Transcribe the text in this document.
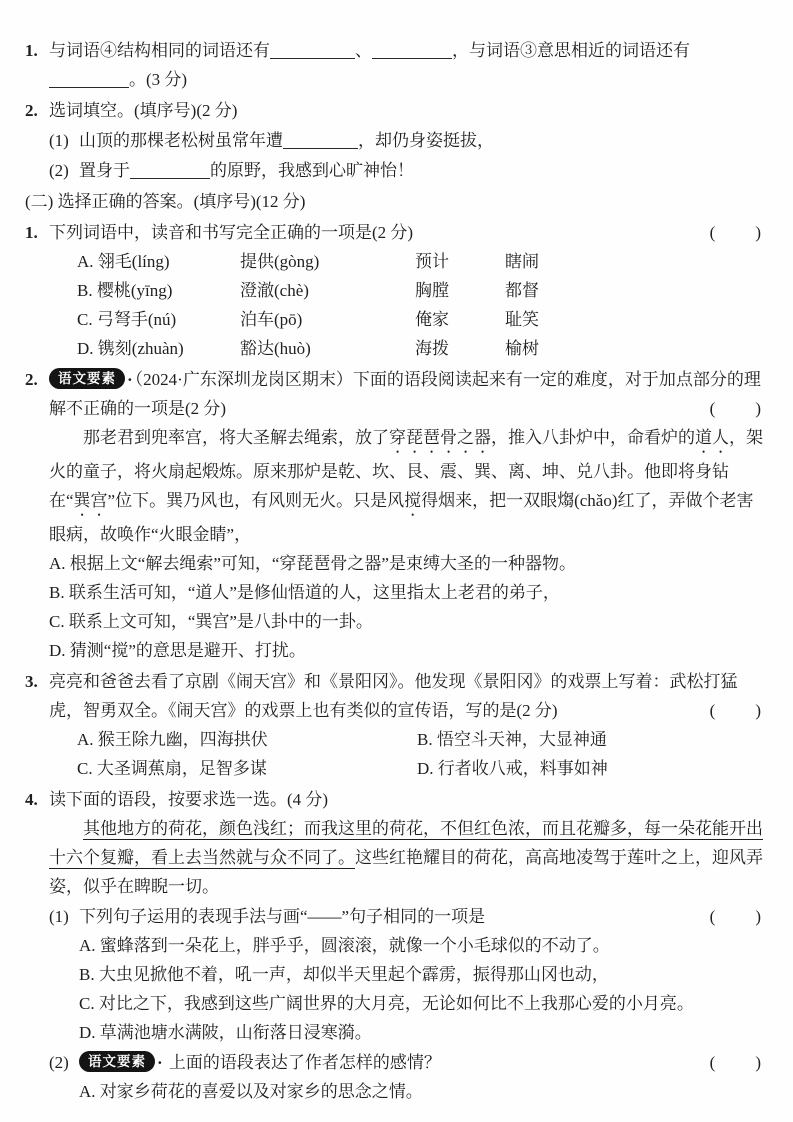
1. 与词语④结构相同的词语还有	、	，与词语③意思相近的词语还有
。(3 分)
2. 选词填空。(填序号)(2 分)
(1) 山顶的那棵老松树虽常年遭	，却仍身姿挺拔，
(2) 置身于	的原野，我感到心旷神怡！
(二) 选择正确的答案。(填序号)(12 分)
1. 下列词语中，读音和书写完全正确的一项是(2 分)	(　　)
A. 翎毛(líng)	提供(gòng)	预计	瞎闹
B. 樱桃(yīng)	澄澈(chè)	胸膛	都督
C. 弓弩手(nú)	泊车(pō)	俺家	耻笑
D. 镌刻(zhuàn)	豁达(huò)	海拨	榆树
2.	语文要素 · （2024·广东深圳龙岗区期末）下面的语段阅读起来有一定的难度，对于加点部分的理解不正确的一项是(2 分)	(　　)
那老君到兜率宫，将大圣解去绳索，放了穿琵琶骨之器，推入八卦炉中，命看炉的道人，架火的童子，将火扇起煅炼。原来那炉是乾、坎、艮、震、巽、离、坤、兑八卦。他即将身钻在“巽宫”位下。巽乃风也，有风则无火。只是风搅得烟来，把一双眼煼(chǎo)红了，弄做个老害眼病，故唤作“火眼金睛”，
A. 根据上文“解去绳索”可知，“穿琵琶骨之器”是束缚大圣的一种器物。
B. 联系生活可知，“道人”是修仙悟道的人，这里指太上老君的弟子，
C. 联系上文可知，“巽宫”是八卦中的一卦。
D. 猜测“搅”的意思是避开、打扰。
3. 亮亮和爸爸去看了京剧《闹天宫》和《景阳冈》。他发现《景阳冈》的戏票上写着：武松打猛虎，智勇双全。《闹天宫》的戏票上也有类似的宣传语，写的是(2 分)	(　　)
A. 猴王除九幽，四海拱伏	B. 悟空斗天神，大显神通
C. 大圣调蕉扇，足智多谋	D. 行者收八戒，料事如神
4. 读下面的语段，按要求选一选。(4 分)
其他地方的荷花，颜色浅红；而我这里的荷花，不但红色浓，而且花瓣多，每一朵花能开出十六个复瓣，看上去当然就与众不同了。这些红艳耀目的荷花，高高地凌驾于莲叶之上，迎风弄姿，似乎在睥睨一切。
(1) 下列句子运用的表现手法与画“——”句子相同的一项是	(　　)
A. 蜜蜂落到一朵花上，胖乎乎，圆滚滚，就像一个小毛球似的不动了。
B. 大虫见掀他不着，吼一声，却似半天里起个霹雳，振得那山冈也动，
C. 对比之下，我感到这些广阔世界的大月亮，无论如何比不上我那心爱的小月亮。
D. 草满池塘水满陂，山衔落日浸寒漪。
(2)	语文要素 · 上面的语段表达了作者怎样的感情？	(　　)
A. 对家乡荷花的喜爱以及对家乡的思念之情。
